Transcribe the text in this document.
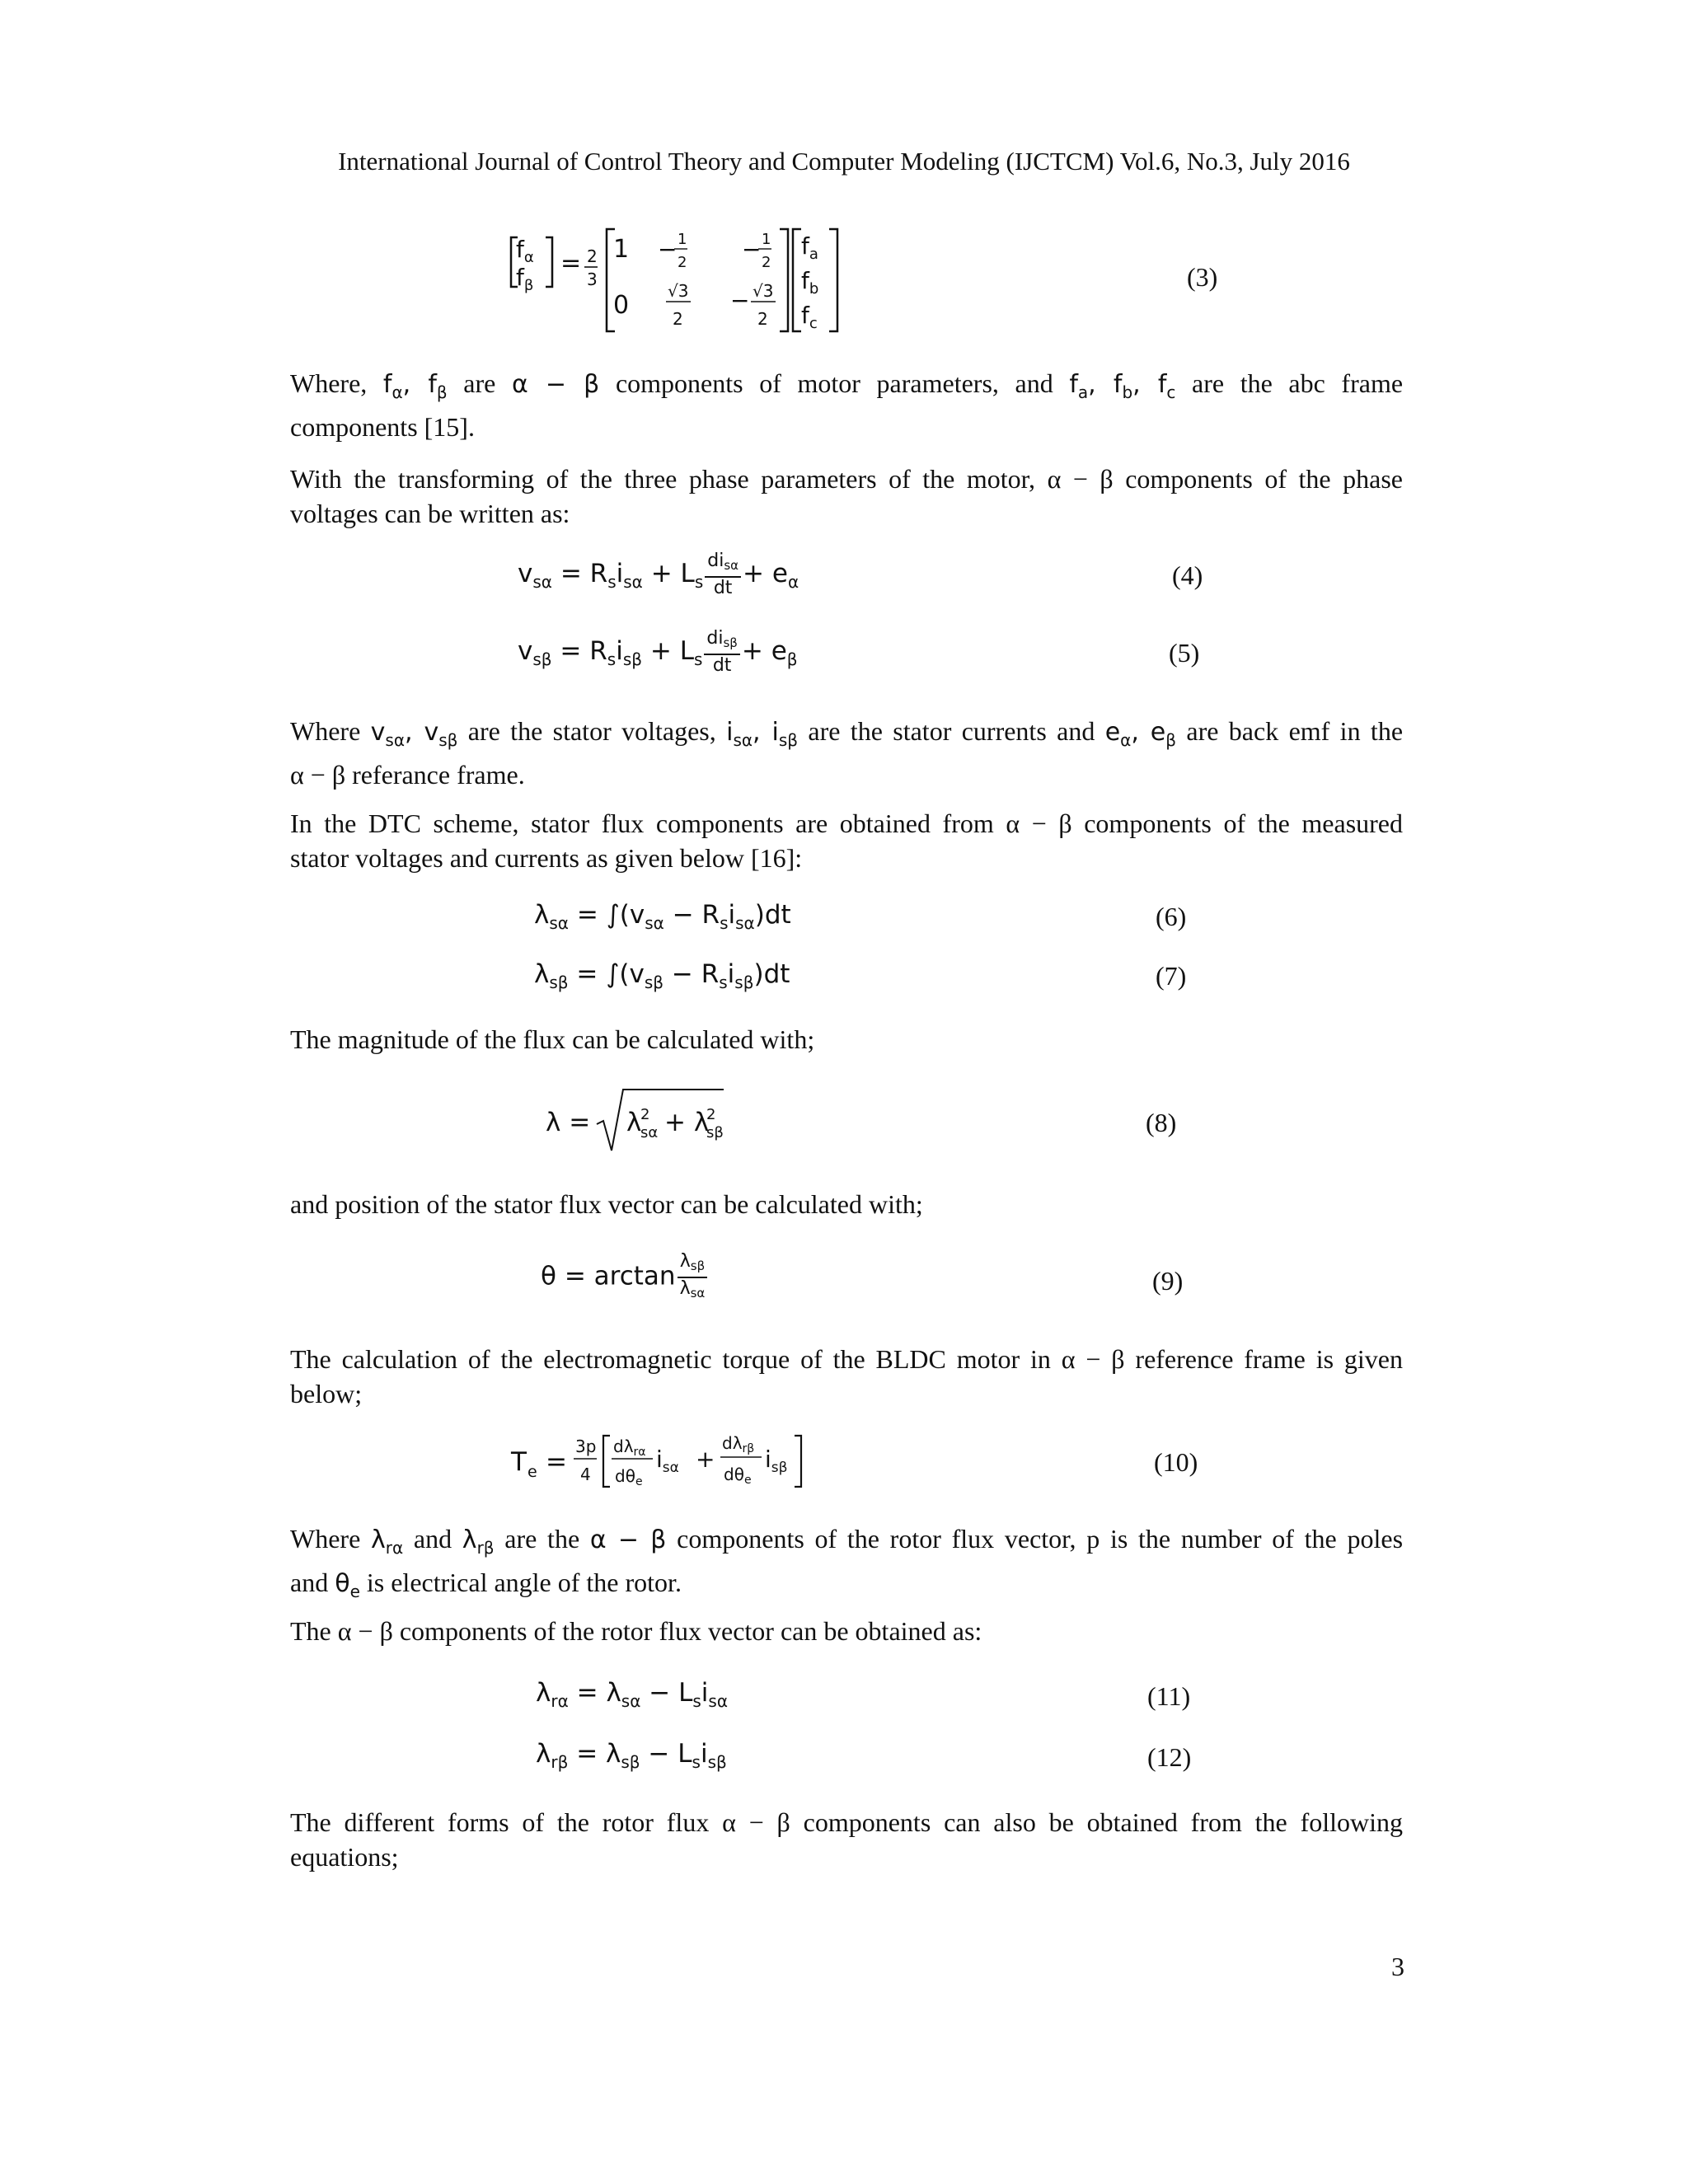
International Journal of Control Theory and Computer Modeling (IJCTCM) Vol.6, No.3, July 2016
$f_\alpha$
$f_\beta$
= 2
3
1
0
− 1
2 − 1
2
√3
2
− √3
2
$f_a$
$f_b$
$f_c$
(3)
Where, $f_\alpha$, $f_\beta$ are α − β components of motor parameters, and $f_a$, $f_b$, $f_c$ are the abc frame
components [15].
With the transforming of the three phase parameters of the motor, α − β components of the phase
voltages can be written as:
$v_{s\alpha} = R_si_{s\alpha} + L_s \frac{di_{s\alpha}}{dt} + e_\alpha$	(4)
$v_{s\beta} = R_si_{s\beta} + L_s \frac{di_{s\beta}}{dt} + e_\beta$	(5)
Where $v_{s\alpha}$, $v_{s\beta}$ are the stator voltages, $i_{s\alpha}$, $i_{s\beta}$ are the stator currents and $e_\alpha$, $e_\beta$ are back emf in the
α − β referance frame.
In the DTC scheme, stator flux components are obtained from α − β components of the measured
stator voltages and currents as given below [16]:
$\lambda_{s\alpha} = \int(v_{s\alpha} - R_si_{s\alpha})dt$	(6)
$\lambda_{s\beta} = \int(v_{s\beta} - R_si_{s\beta})dt$	(7)
The magnitude of the flux can be calculated with;
λ = λ
2
sα + λ
2
sβ	(8)
and position of the stator flux vector can be calculated with;
$\theta = \arctan \frac{\lambda_{s\beta}}{\lambda_{s\alpha}}$	(9)
The calculation of the electromagnetic torque of the BLDC motor in α − β reference frame is given
below;
T e =
3p
4
$d\lambda_{r\alpha}$
$d\theta_e$
$i_{s\alpha}$ +
$d\lambda_{r\beta}$
$d\theta_e$
$i_{s\beta}$	(10)
Where $\lambda_{r\alpha}$ and $\lambda_{r\beta}$ are the α − β components of the rotor flux vector, p is the number of the poles
and $\theta_e$ is electrical angle of the rotor.
The α − β components of the rotor flux vector can be obtained as:
$\lambda_{r\alpha} = \lambda_{s\alpha} - L_si_{s\alpha}$	(11)
$\lambda_{r\beta} = \lambda_{s\beta} - L_si_{s\beta}$	(12)
The different forms of the rotor flux α − β components can also be obtained from the following
equations;
3
